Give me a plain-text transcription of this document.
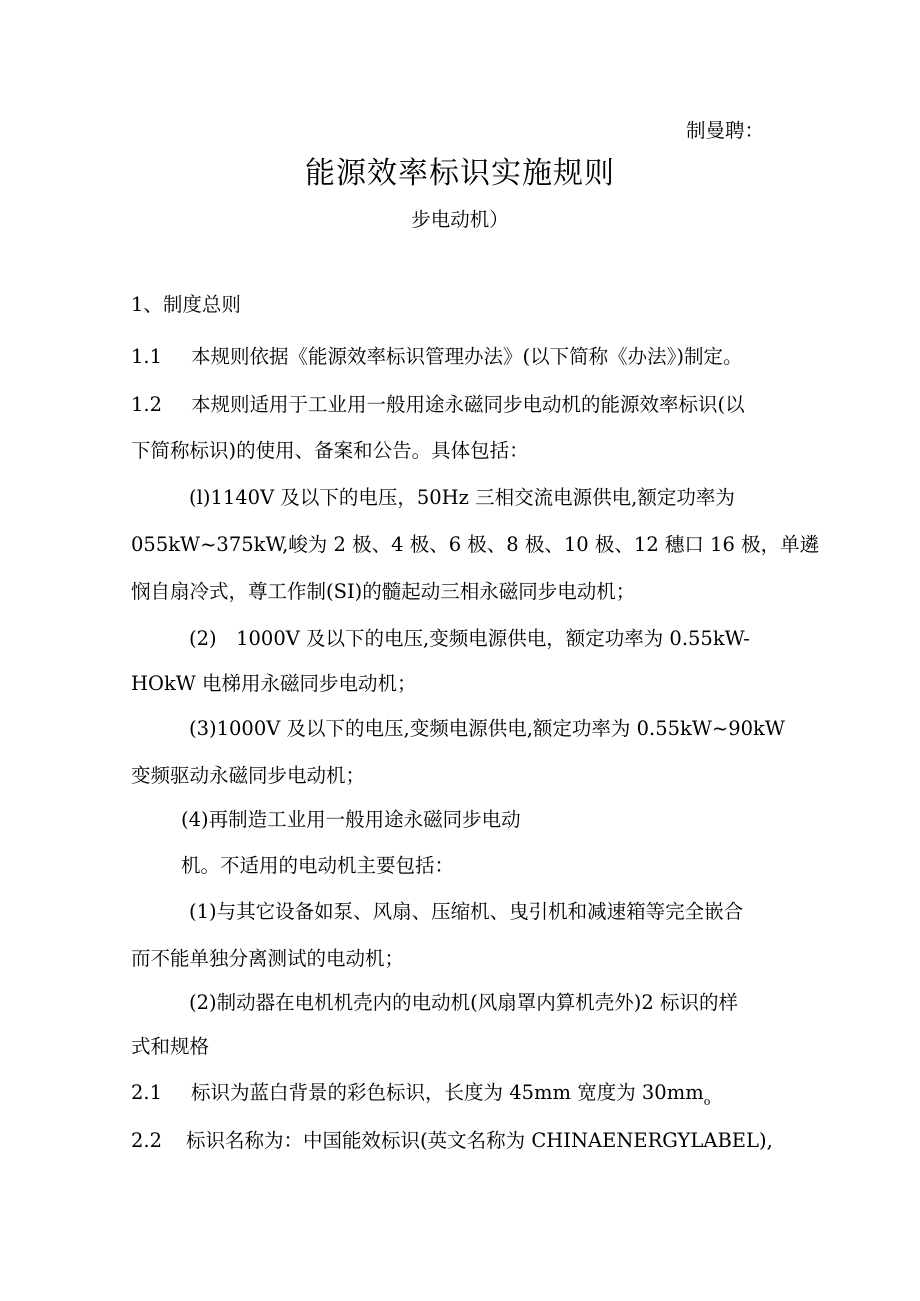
制曼聘：
能源效率标识实施规则
步电动机）
1、制度总则
1.1 本规则依据《能源效率标识管理办法》(以下简称《办法》)制定。
1.2 本规则适用于工业用一般用途永磁同步电动机的能源效率标识(以
下简称标识)的使用、备案和公告。具体包括：
(l)1140V 及以下的电压，50Hz 三相交流电源供电,额定功率为
055kW~375kW,峻为 2 极、4 极、6 极、8 极、10 极、12 穗口 16 极，单遴
悯自扇冷式，尊工作制(SI)的髓起动三相永磁同步电动机；
(2)　1000V 及以下的电压,变频电源供电，额定功率为 0.55kW-
HOkW 电梯用永磁同步电动机；
(3)1000V 及以下的电压,变频电源供电,额定功率为 0.55kW~90kW
变频驱动永磁同步电动机；
(4)再制造工业用一般用途永磁同步电动
机。不适用的电动机主要包括：
(1)与其它设备如泵、风扇、压缩机、曳引机和减速箱等完全嵌合
而不能单独分离测试的电动机；
(2)制动器在电机机壳内的电动机(风扇罩内算机壳外)2 标识的样
式和规格
2.1 标识为蓝白背景的彩色标识，长度为 45mm 宽度为 $30mm_o$
2.2 标识名称为：中国能效标识(英文名称为 CHINAENERGYLABEL),
